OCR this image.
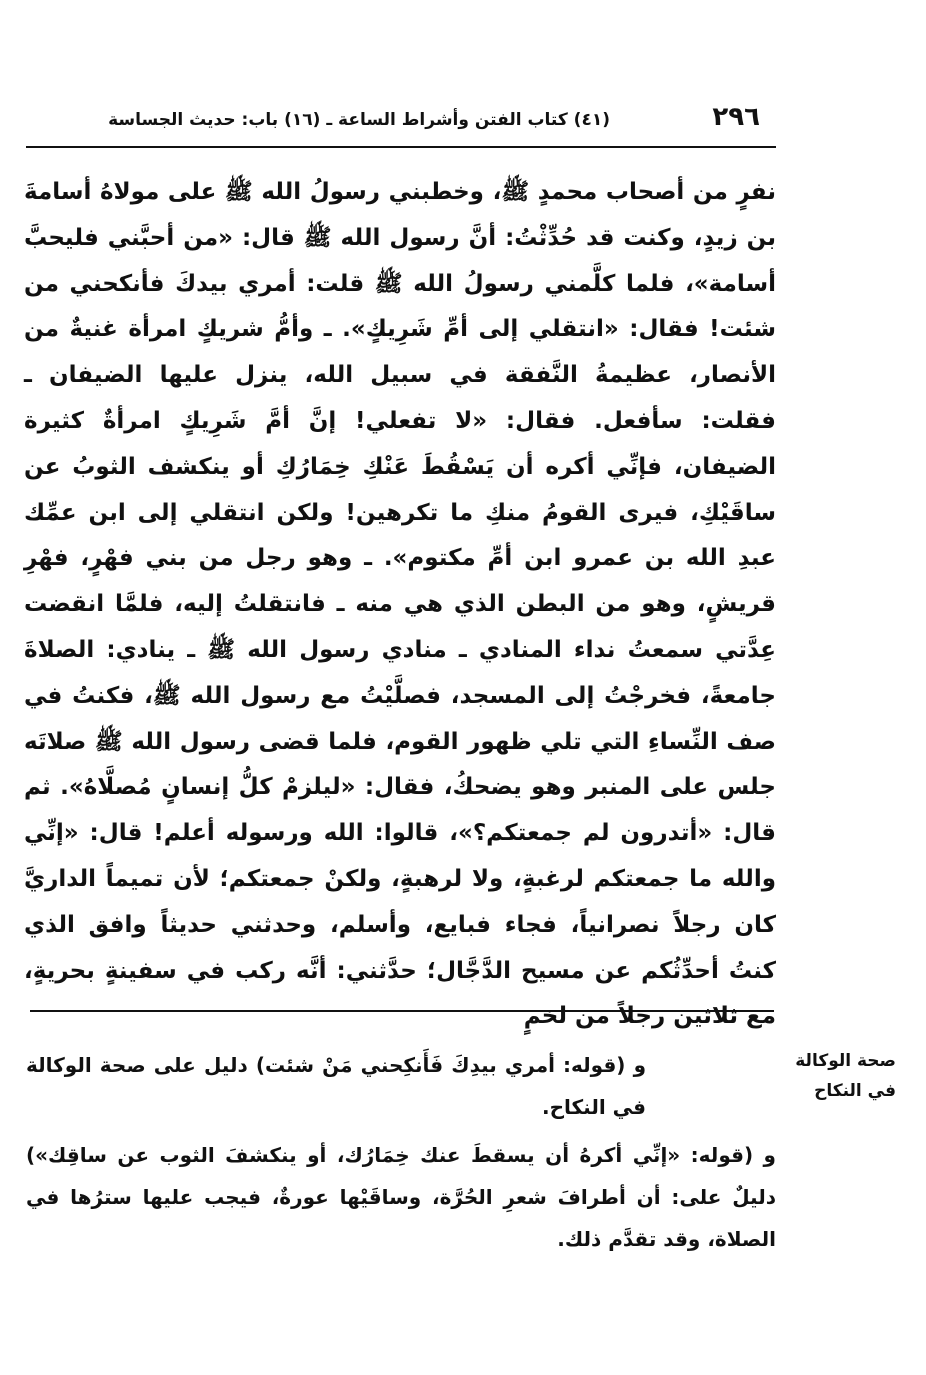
٢٩٦
(٤١) كتاب الفتن وأشراط الساعة ـ (١٦) باب: حديث الجساسة

نفرٍ من أصحاب محمدٍ ﷺ، وخطبني رسولُ الله ﷺ على مولاهُ أسامةَ بن زيدٍ، وكنت قد حُدِّثْتُ: أنَّ رسول الله ﷺ قال: «من أحبَّني فليحبَّ أسامة»، فلما كلَّمني رسولُ الله ﷺ قلت: أمري بيدكَ فأنكحني من شئت! فقال: «انتقلي إلى أمِّ شَرِيكٍ». ـ وأمُّ شريكٍ امرأة غنيةٌ من الأنصار، عظيمةُ النَّفقة في سبيل الله، ينزل عليها الضيفان ـ فقلت: سأفعل. فقال: «لا تفعلي! إنَّ أمَّ شَرِيكٍ امرأةٌ كثيرة الضيفان، فإنِّي أكره أن يَسْقُطَ عَنْكِ خِمَارُكِ أو ينكشف الثوبُ عن ساقَيْكِ، فيرى القومُ منكِ ما تكرهين! ولكن انتقلي إلى ابن عمِّك عبدِ الله بن عمرو ابن أمِّ مكتوم». ـ وهو رجل من بني فهْرٍ، فهْرِ قريشٍ، وهو من البطن الذي هي منه ـ فانتقلتُ إليه، فلمَّا انقضت عِدَّتي سمعتُ نداء المنادي ـ منادي رسول الله ﷺ ـ ينادي: الصلاةَ جامعةً، فخرجْتُ إلى المسجد، فصلَّيْتُ مع رسول الله ﷺ، فكنتُ في صف النِّساءِ التي تلي ظهور القوم، فلما قضى رسول الله ﷺ صلاتَه جلس على المنبر وهو يضحكُ، فقال: «ليلزمْ كلُّ إنسانٍ مُصلَّاهُ». ثم قال: «أتدرون لم جمعتكم؟»، قالوا: الله ورسوله أعلم! قال: «إنِّي والله ما جمعتكم لرغبةٍ، ولا لرهبةٍ، ولكنْ جمعتكم؛ لأن تميماً الداريَّ كان رجلاً نصرانياً، فجاء فبايع، وأسلم، وحدثني حديثاً وافق الذي كنتُ أحدِّثُكم عن مسيح الدَّجَّال؛ حدَّثني: أنَّه ركب في سفينةٍ بحريةٍ، مع ثلاثين رجلاً من لخمٍ

صحة الوكالة
في النكاح

و (قوله: أمري بيدِكَ فَأَنكِحني مَنْ شئت) دليل على صحة الوكالة في النكاح.

و (قوله: «إنِّي أكرهُ أن يسقطَ عنك خِمَارُك، أو ينكشفَ الثوب عن ساقِك») دليلٌ على: أن أطرافَ شعرِ الحُرَّة، وساقَيْها عورةٌ، فيجب عليها سترُها في الصلاة، وقد تقدَّم ذلك.
